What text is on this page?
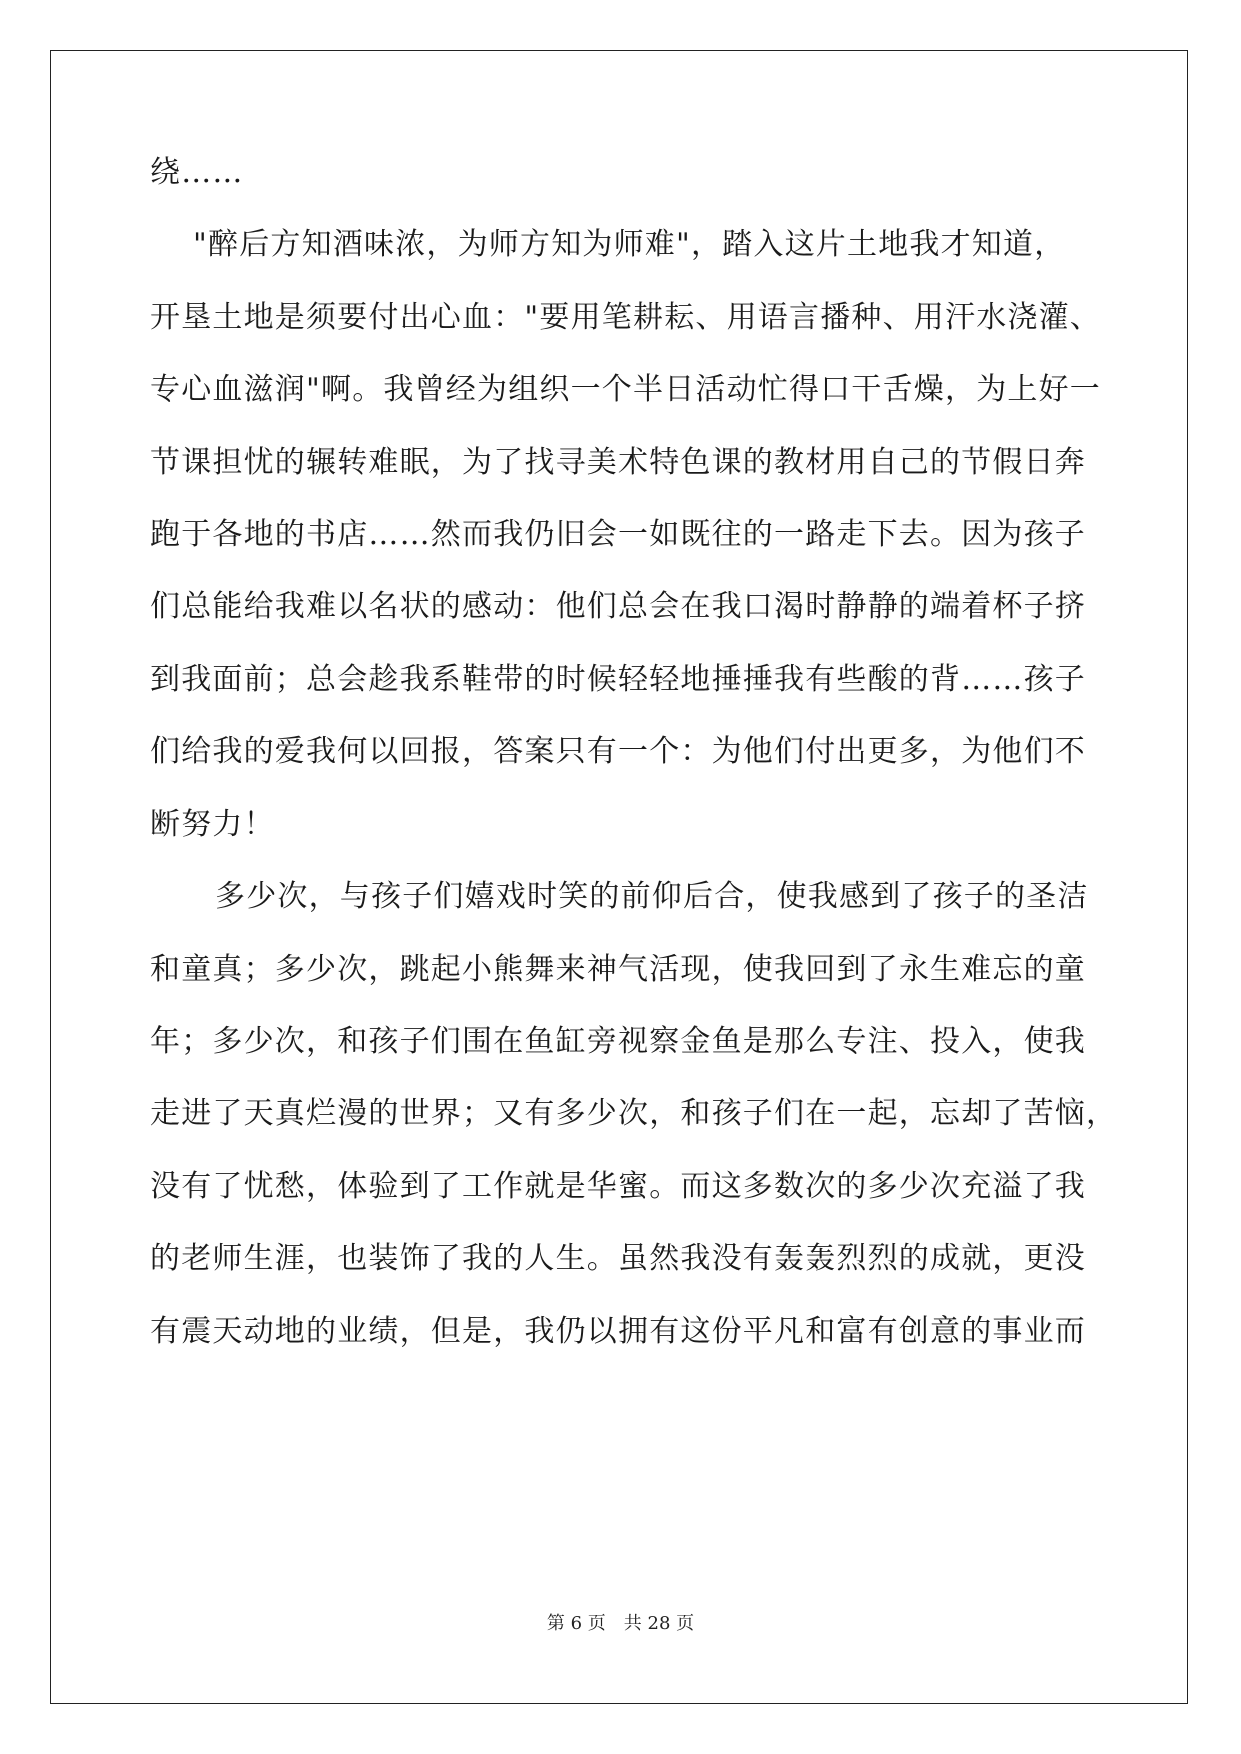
绕……

"醉后方知酒味浓，为师方知为师难"，踏入这片土地我才知道，

开垦土地是须要付出心血："要用笔耕耘、用语言播种、用汗水浇灌、

专心血滋润"啊。我曾经为组织一个半日活动忙得口干舌燥，为上好一

节课担忧的辗转难眠，为了找寻美术特色课的教材用自己的节假日奔

跑于各地的书店……然而我仍旧会一如既往的一路走下去。因为孩子

们总能给我难以名状的感动：他们总会在我口渴时静静的端着杯子挤

到我面前；总会趁我系鞋带的时候轻轻地捶捶我有些酸的背……孩子

们给我的爱我何以回报，答案只有一个：为他们付出更多，为他们不

断努力！

多少次，与孩子们嬉戏时笑的前仰后合，使我感到了孩子的圣洁

和童真；多少次，跳起小熊舞来神气活现，使我回到了永生难忘的童

年；多少次，和孩子们围在鱼缸旁视察金鱼是那么专注、投入，使我

走进了天真烂漫的世界；又有多少次，和孩子们在一起，忘却了苦恼，

没有了忧愁，体验到了工作就是华蜜。而这多数次的多少次充溢了我

的老师生涯，也装饰了我的人生。虽然我没有轰轰烈烈的成就，更没

有震天动地的业绩，但是，我仍以拥有这份平凡和富有创意的事业而

第 6 页　共 28 页
